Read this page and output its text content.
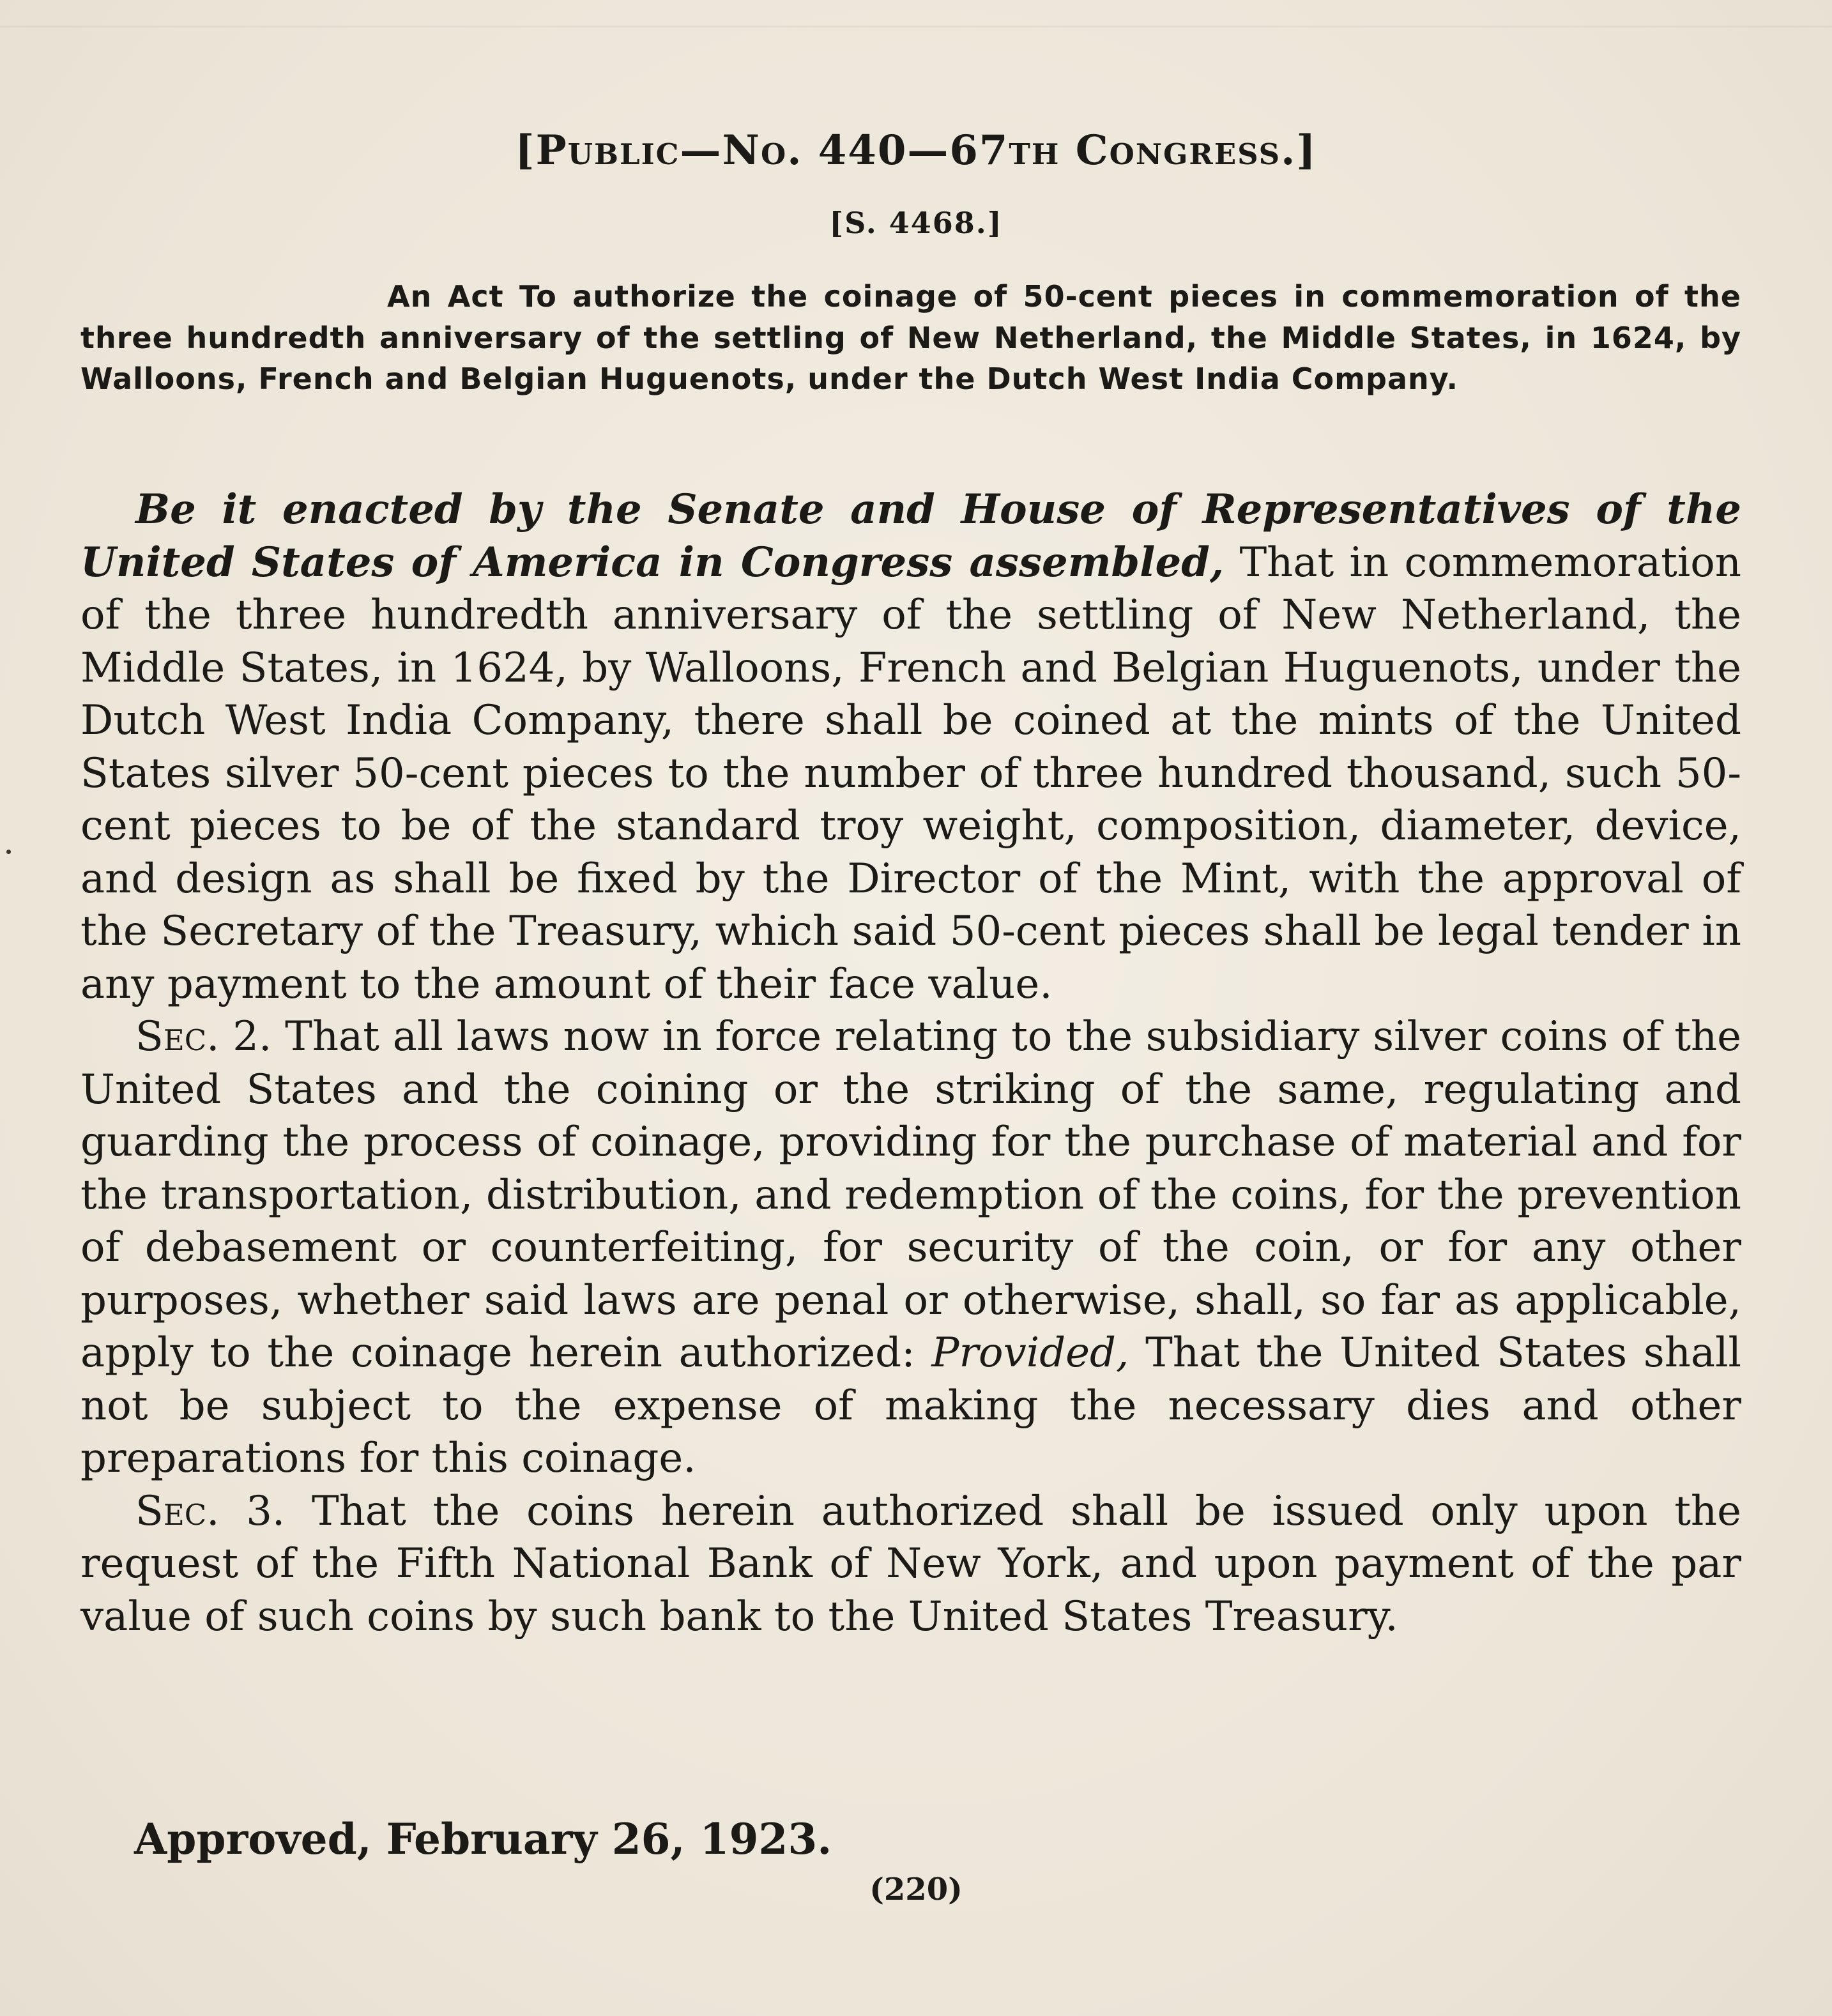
[Public—No. 440—67th Congress.]
[S. 4468.]
An Act To authorize the coinage of 50-cent pieces in commemoration of the three hundredth anniversary of the settling of New Netherland, the Middle States, in 1624, by Walloons, French and Belgian Huguenots, under the Dutch West India Company.

Be it enacted by the Senate and House of Representatives of the United States of America in Congress assembled, That in commemoration of the three hundredth anniversary of the settling of New Netherland, the Middle States, in 1624, by Walloons, French and Belgian Huguenots, under the Dutch West India Company, there shall be coined at the mints of the United States silver 50-cent pieces to the number of three hundred thousand, such 50-cent pieces to be of the standard troy weight, composition, diameter, device, and design as shall be fixed by the Director of the Mint, with the approval of the Secretary of the Treasury, which said 50-cent pieces shall be legal tender in any payment to the amount of their face value.

Sec. 2. That all laws now in force relating to the subsidiary silver coins of the United States and the coining or the striking of the same, regulating and guarding the process of coinage, providing for the purchase of material and for the transportation, distribution, and redemption of the coins, for the prevention of debasement or counterfeiting, for security of the coin, or for any other purposes, whether said laws are penal or otherwise, shall, so far as applicable, apply to the coinage herein authorized: Provided, That the United States shall not be subject to the expense of making the necessary dies and other preparations for this coinage.

Sec. 3. That the coins herein authorized shall be issued only upon the request of the Fifth National Bank of New York, and upon payment of the par value of such coins by such bank to the United States Treasury.

Approved, February 26, 1923.
(220)
